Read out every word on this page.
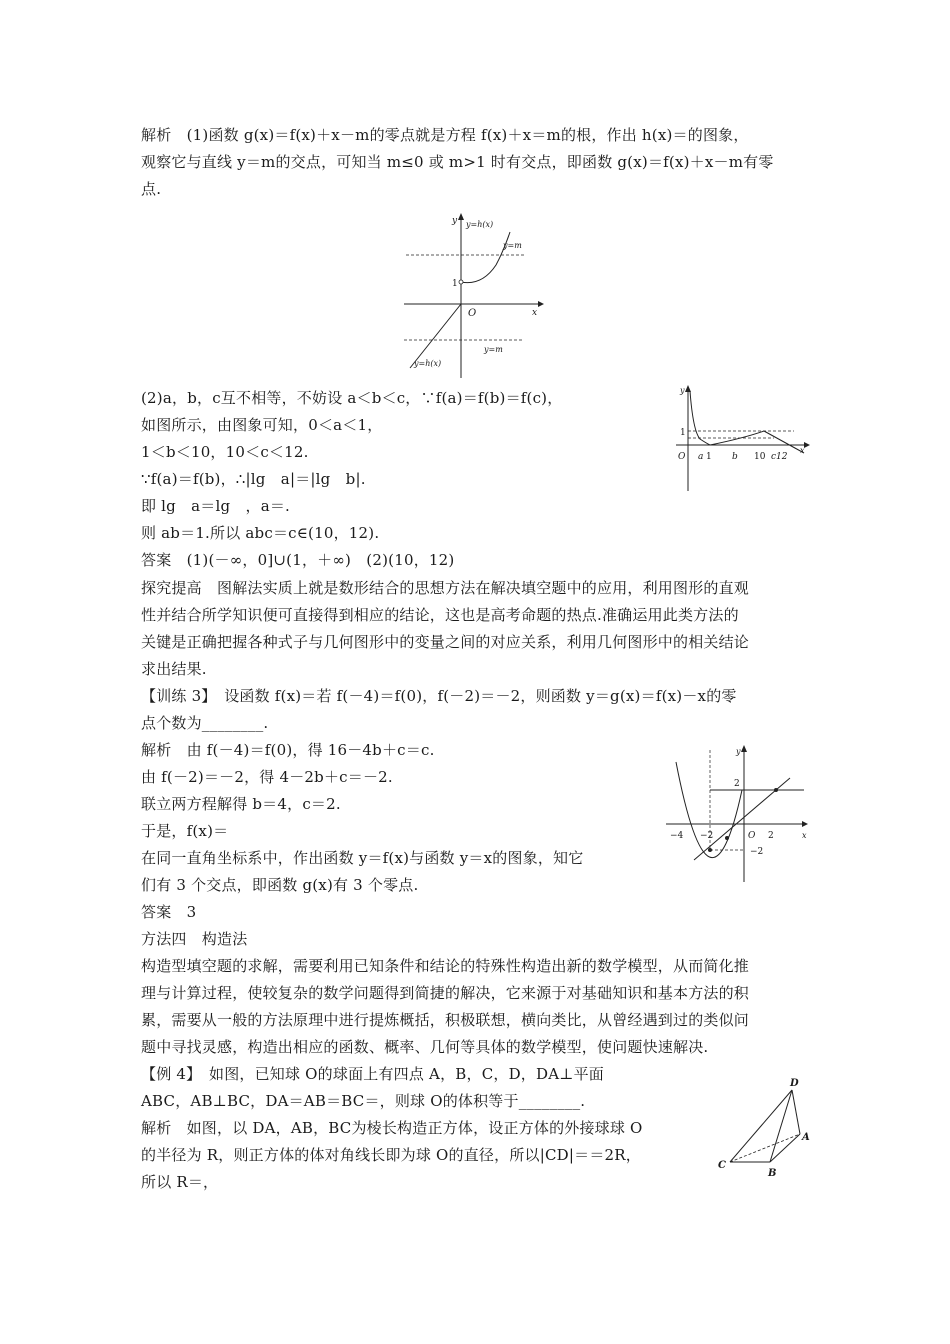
解析　(1)函数 g(x)＝f(x)＋x－m的零点就是方程 f(x)＋x＝m的根，作出 h(x)＝的图象，
观察它与直线 y＝m的交点，可知当 m≤0 或 m>1 时有交点，即函数 g(x)＝f(x)＋x－m有零
点.
(2)a，b，c互不相等，不妨设 a＜b＜c，∵f(a)＝f(b)＝f(c)，
如图所示，由图象可知，0＜a＜1，
1＜b＜10，10＜c＜12.
∵f(a)＝f(b)，∴|lg　a|＝|lg　b|.
即 lg　a＝lg　，a＝.
则 ab＝1.所以 abc＝c∈(10，12).
答案　(1)(－∞，0]∪(1，＋∞)　(2)(10，12)
探究提高　图解法实质上就是数形结合的思想方法在解决填空题中的应用，利用图形的直观
性并结合所学知识便可直接得到相应的结论，这也是高考命题的热点.准确运用此类方法的
关键是正确把握各种式子与几何图形中的变量之间的对应关系，利用几何图形中的相关结论
求出结果.
【训练 3】　设函数 f(x)＝若 f(－4)＝f(0)，f(－2)＝－2，则函数 y＝g(x)＝f(x)－x的零
点个数为________.
解析　由 f(－4)＝f(0)，得 16－4b＋c＝c.
由 f(－2)＝－2，得 4－2b＋c＝－2.
联立两方程解得 b＝4，c＝2.
于是，f(x)＝
在同一直角坐标系中，作出函数 y＝f(x)与函数 y＝x的图象，知它
们有 3 个交点，即函数 g(x)有 3 个零点.
答案　3
方法四　构造法
构造型填空题的求解，需要利用已知条件和结论的特殊性构造出新的数学模型，从而简化推
理与计算过程，使较复杂的数学问题得到简捷的解决，它来源于对基础知识和基本方法的积
累，需要从一般的方法原理中进行提炼概括，积极联想，横向类比，从曾经遇到过的类似问
题中寻找灵感，构造出相应的函数、概率、几何等具体的数学模型，使问题快速解决.
【例 4】　如图，已知球 O的球面上有四点 A，B，C，D，DA⊥平面
ABC，AB⊥BC，DA＝AB＝BC＝，则球 O的体积等于________.
解析　如图，以 DA，AB，BC为棱长构造正方体，设正方体的外接球球 O
的半径为 R，则正方体的体对角线长即为球 O的直径，所以|CD|＝＝2R，
所以 R＝，
y
x
O
1
y=m
y=m
y=h(x)
y=h(x)
y
x
O
1
a 1 b 10 c12
y
x
−4 −2	O 2
2
−2
D
A
B
C
